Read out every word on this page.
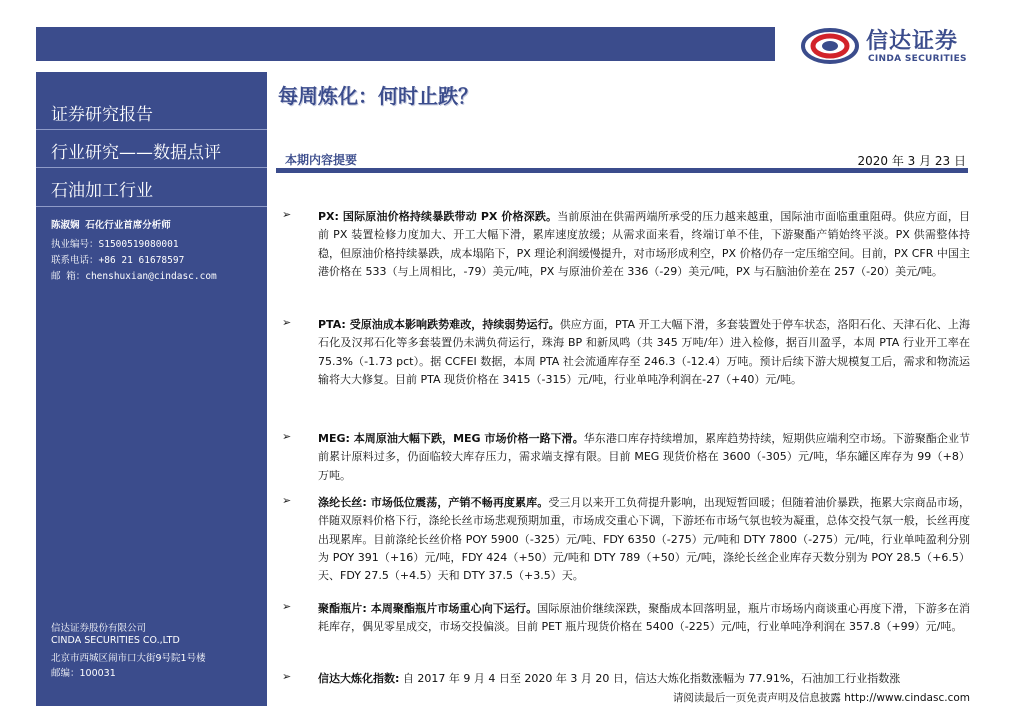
信达证券
CINDA SECURITIES
证券研究报告
行业研究——数据点评
石油加工行业
陈淑娴 石化行业首席分析师
执业编号：S1500519080001
联系电话：+86 21 61678597
邮 箱：chenshuxian@cindasc.com
信达证券股份有限公司
CINDA SECURITIES CO.,LTD
北京市西城区闹市口大街9号院1号楼
邮编：100031
每周炼化：何时止跌？
本期内容提要	2020 年 3 月 23 日
➢ PX: 国际原油价格持续暴跌带动 PX 价格深跌。当前原油在供需两端所承受的压力越来越重，国际油市面临重重阻碍。供应方面，目前 PX 装置检修力度加大、开工大幅下滑，累库速度放缓；从需求面来看，终端订单不佳，下游聚酯产销始终平淡。PX 供需整体持稳，但原油价格持续暴跌，成本塌陷下，PX 理论利润缓慢提升，对市场形成利空，PX 价格仍存一定压缩空间。目前，PX CFR 中国主港价格在 533（与上周相比，-79）美元/吨，PX 与原油价差在 336（-29）美元/吨，PX 与石脑油价差在 257（-20）美元/吨。
➢ PTA: 受原油成本影响跌势难改，持续弱势运行。供应方面，PTA 开工大幅下滑，多套装置处于停车状态，洛阳石化、天津石化、上海石化及汉邦石化等多套装置仍未满负荷运行，珠海 BP 和新凤鸣（共 345 万吨/年）进入检修，据百川盈孚，本周 PTA 行业开工率在 75.3%（-1.73 pct）。据 CCFEI 数据，本周 PTA 社会流通库存至 246.3（-12.4）万吨。预计后续下游大规模复工后，需求和物流运输将大大修复。目前 PTA 现货价格在 3415（-315）元/吨，行业单吨净利润在-27（+40）元/吨。
➢ MEG: 本周原油大幅下跌，MEG 市场价格一路下滑。华东港口库存持续增加，累库趋势持续，短期供应端利空市场。下游聚酯企业节前累计原料过多，仍面临较大库存压力，需求端支撑有限。目前 MEG 现货价格在 3600（-305）元/吨，华东罐区库存为 99（+8）万吨。
➢ 涤纶长丝: 市场低位震荡，产销不畅再度累库。受三月以来开工负荷提升影响，出现短暂回暖；但随着油价暴跌，拖累大宗商品市场，伴随双原料价格下行，涤纶长丝市场悲观预期加重，市场成交重心下调，下游坯布市场气氛也较为凝重，总体交投气氛一般，长丝再度出现累库。目前涤纶长丝价格 POY 5900（-325）元/吨、FDY 6350（-275）元/吨和 DTY 7800（-275）元/吨，行业单吨盈利分别为 POY 391（+16）元/吨，FDY 424（+50）元/吨和 DTY 789（+50）元/吨，涤纶长丝企业库存天数分别为 POY 28.5（+6.5）天、FDY 27.5（+4.5）天和 DTY 37.5（+3.5）天。
➢ 聚酯瓶片: 本周聚酯瓶片市场重心向下运行。国际原油价继续深跌，聚酯成本回落明显，瓶片市场场内商谈重心再度下滑，下游多在消耗库存，偶见零星成交，市场交投偏淡。目前 PET 瓶片现货价格在 5400（-225）元/吨，行业单吨净利润在 357.8（+99）元/吨。
➢ 信达大炼化指数: 自 2017 年 9 月 4 日至 2020 年 3 月 20 日，信达大炼化指数涨幅为 77.91%，石油加工行业指数涨
请阅读最后一页免责声明及信息披露 http://www.cindasc.com
